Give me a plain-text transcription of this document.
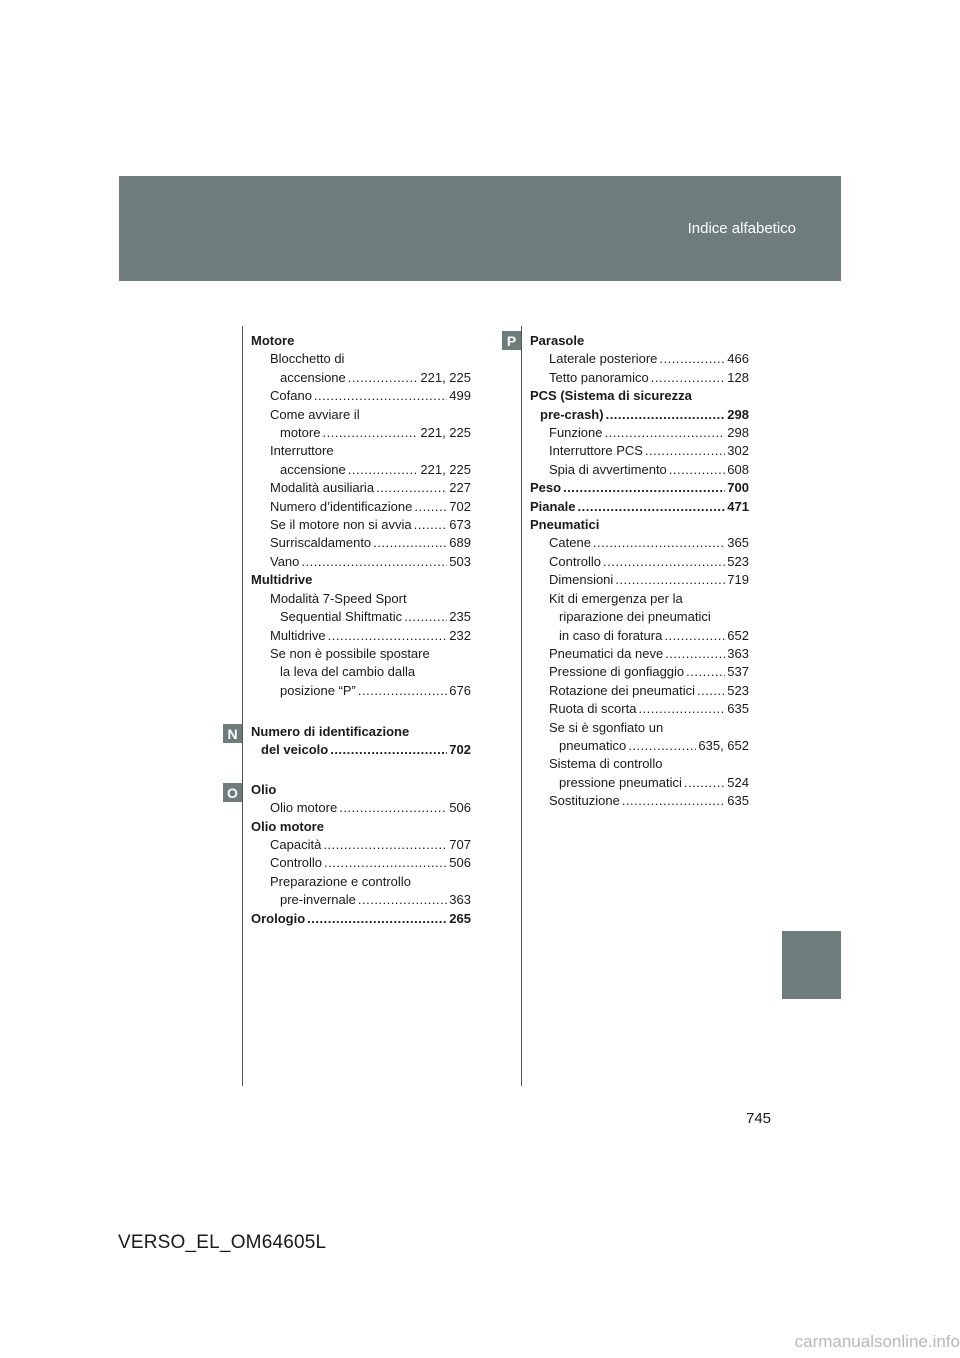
Indice alfabetico
N
O
P
Motore
Blocchetto di
accensione .....	221, 225
Cofano .....	499
Come avviare il
motore .....	221, 225
Interruttore
accensione .....	221, 225
Modalità ausiliaria .....	227
Numero d’identificazione .....	702
Se il motore non si avvia .....	673
Surriscaldamento .....	689
Vano .....	503
Multidrive
Modalità 7-Speed Sport
Sequential Shiftmatic .....	235
Multidrive .....	232
Se non è possibile spostare
la leva del cambio dalla
posizione “P” .....	676
Numero di identificazione
del veicolo .....	702
Olio
Olio motore .....	506
Olio motore
Capacità .....	707
Controllo .....	506
Preparazione e controllo
pre-invernale .....	363
Orologio .....	265
Parasole
Laterale posteriore .....	466
Tetto panoramico .....	128
PCS (Sistema di sicurezza
pre-crash) .....	298
Funzione .....	298
Interruttore PCS .....	302
Spia di avvertimento .....	608
Peso .....	700
Pianale .....	471
Pneumatici
Catene .....	365
Controllo .....	523
Dimensioni .....	719
Kit di emergenza per la
riparazione dei pneumatici
in caso di foratura .....	652
Pneumatici da neve .....	363
Pressione di gonfiaggio .....	537
Rotazione dei pneumatici ..... 523
Ruota di scorta .....	635
Se si è sgonfiato un
pneumatico .....	635, 652
Sistema di controllo
pressione pneumatici .....	524
Sostituzione .....	635
745
VERSO_EL_OM64605L
carmanualsonline.info
